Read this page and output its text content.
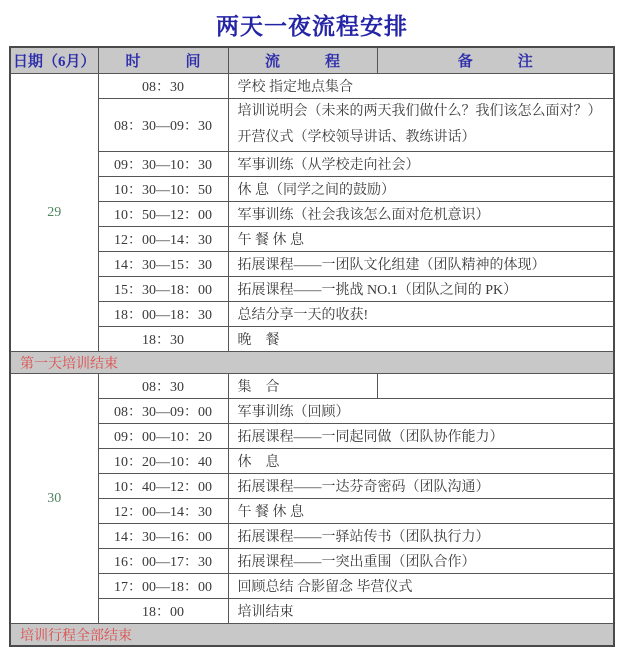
两天一夜流程安排
日期（6月）	时　　　间	流　　　程	备　　　注
29	08：30	学校 指定地点集合	
	08：30—09：30	培训说明会（未来的两天我们做什么？我们该怎么面对？）
开营仪式（学校领导讲话、教练讲话）	

	09：30—10：30	军事训练（从学校走向社会）	
	10：30—10：50	休 息（同学之间的鼓励）	
	10：50—12：00	军事训练（社会我该怎么面对危机意识）	
	12：00—14：30	午 餐 休 息	
	14：30—15：30	拓展课程——一团队文化组建（团队精神的体现）	
	15：30—18：00	拓展课程——一挑战 NO.1（团队之间的 PK）	
	18：00—18：30	总结分享一天的收获!	
	18：30	晚　餐	
第一天培训结束			
30	08：30	集　合	
	08：30—09：00	军事训练（回顾）	
	09：00—10：20	拓展课程——一同起同做（团队协作能力）	
	10：20—10：40	休　息	
	10：40—12：00	拓展课程——一达芬奇密码（团队沟通）	
	12：00—14：30	午 餐 休 息	
	14：30—16：00	拓展课程——一驿站传书（团队执行力）	
	16：00—17：30	拓展课程——一突出重围（团队合作）	
	17：00—18：00	回顾总结 合影留念 毕营仪式	
	18：00	培训结束	
培训行程全部结束			
